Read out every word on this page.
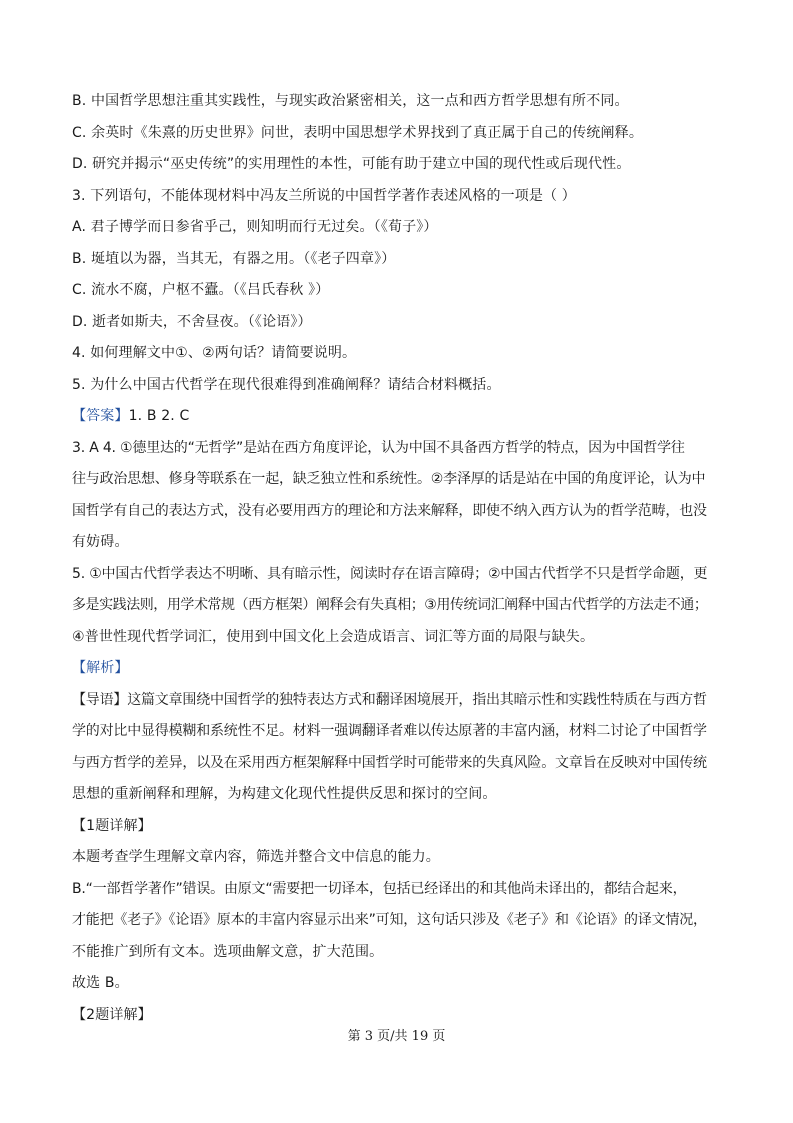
B. 中国哲学思想注重其实践性，与现实政治紧密相关，这一点和西方哲学思想有所不同。
C. 余英时《朱熹的历史世界》问世，表明中国思想学术界找到了真正属于自己的传统阐释。
D. 研究并揭示“巫史传统”的实用理性的本性，可能有助于建立中国的现代性或后现代性。
3. 下列语句，不能体现材料中冯友兰所说的中国哲学著作表述风格的一项是（ ）
A. 君子博学而日参省乎己，则知明而行无过矣。（《荀子》）
B. 埏埴以为器，当其无，有器之用。（《老子四章》）
C. 流水不腐，户枢不蠹。（《吕氏春秋 》）
D. 逝者如斯夫，不舍昼夜。（《论语》）
4. 如何理解文中①、②两句话？请简要说明。
5. 为什么中国古代哲学在现代很难得到准确阐释？请结合材料概括。
【答案】1. B 2. C
3. A 4. ①德里达的“无哲学”是站在西方角度评论，认为中国不具备西方哲学的特点，因为中国哲学往
往与政治思想、修身等联系在一起，缺乏独立性和系统性。②李泽厚的话是站在中国的角度评论，认为中
国哲学有自己的表达方式，没有必要用西方的理论和方法来解释，即使不纳入西方认为的哲学范畴，也没
有妨碍。
5. ①中国古代哲学表达不明晰、具有暗示性，阅读时存在语言障碍；②中国古代哲学不只是哲学命题，更
多是实践法则，用学术常规（西方框架）阐释会有失真相；③用传统词汇阐释中国古代哲学的方法走不通；
④普世性现代哲学词汇，使用到中国文化上会造成语言、词汇等方面的局限与缺失。
【解析】
【导语】这篇文章围绕中国哲学的独特表达方式和翻译困境展开，指出其暗示性和实践性特质在与西方哲
学的对比中显得模糊和系统性不足。材料一强调翻译者难以传达原著的丰富内涵，材料二讨论了中国哲学
与西方哲学的差异，以及在采用西方框架解释中国哲学时可能带来的失真风险。文章旨在反映对中国传统
思想的重新阐释和理解，为构建文化现代性提供反思和探讨的空间。
【1题详解】
本题考查学生理解文章内容，筛选并整合文中信息的能力。
B.“一部哲学著作”错误。由原文“需要把一切译本，包括已经译出的和其他尚未译出的，都结合起来，
才能把《老子》《论语》原本的丰富内容显示出来”可知，这句话只涉及《老子》和《论语》的译文情况，
不能推广到所有文本。选项曲解文意，扩大范围。
故选 B。
【2题详解】
第 3 页/共 19 页
